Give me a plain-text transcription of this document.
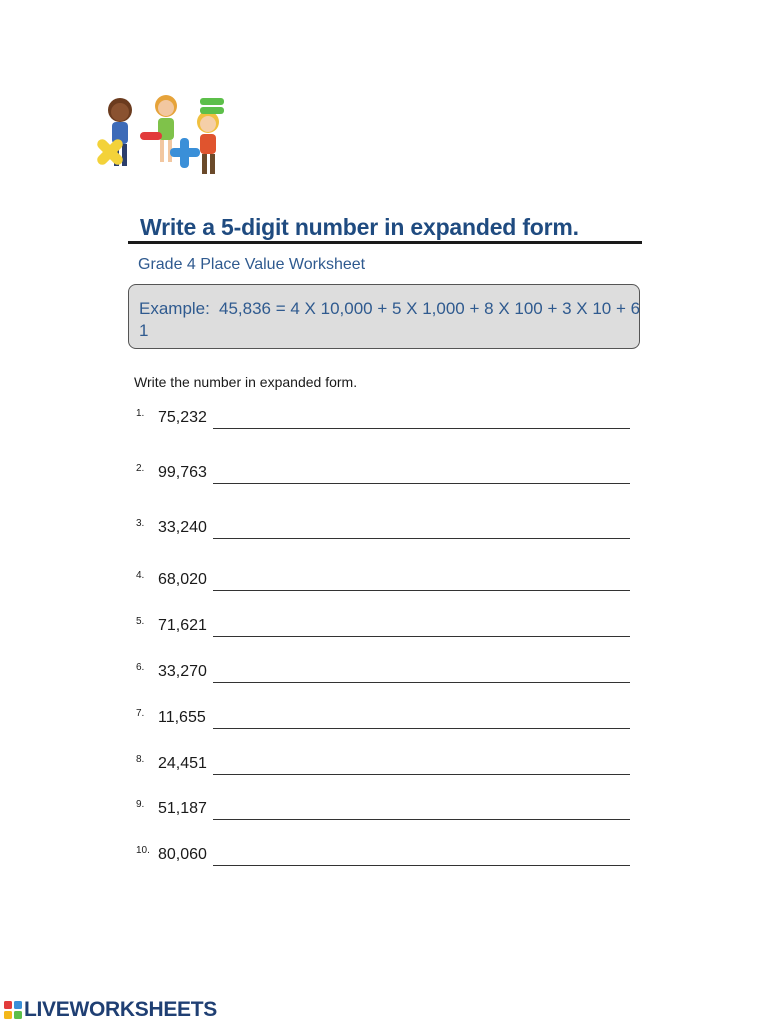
Write a 5-digit number in expanded form.
Grade 4 Place Value Worksheet
Example: 45,836 = 4 X 10,000 + 5 X 1,000 + 8 X 100 + 3 X 10 + 6
1
Write the number in expanded form.
1. 75,232
2. 99,763
3. 33,240
4. 68,020
5. 71,621
6. 33,270
7. 11,655
8. 24,451
9. 51,187
10. 80,060
LIVEWORKSHEETS
